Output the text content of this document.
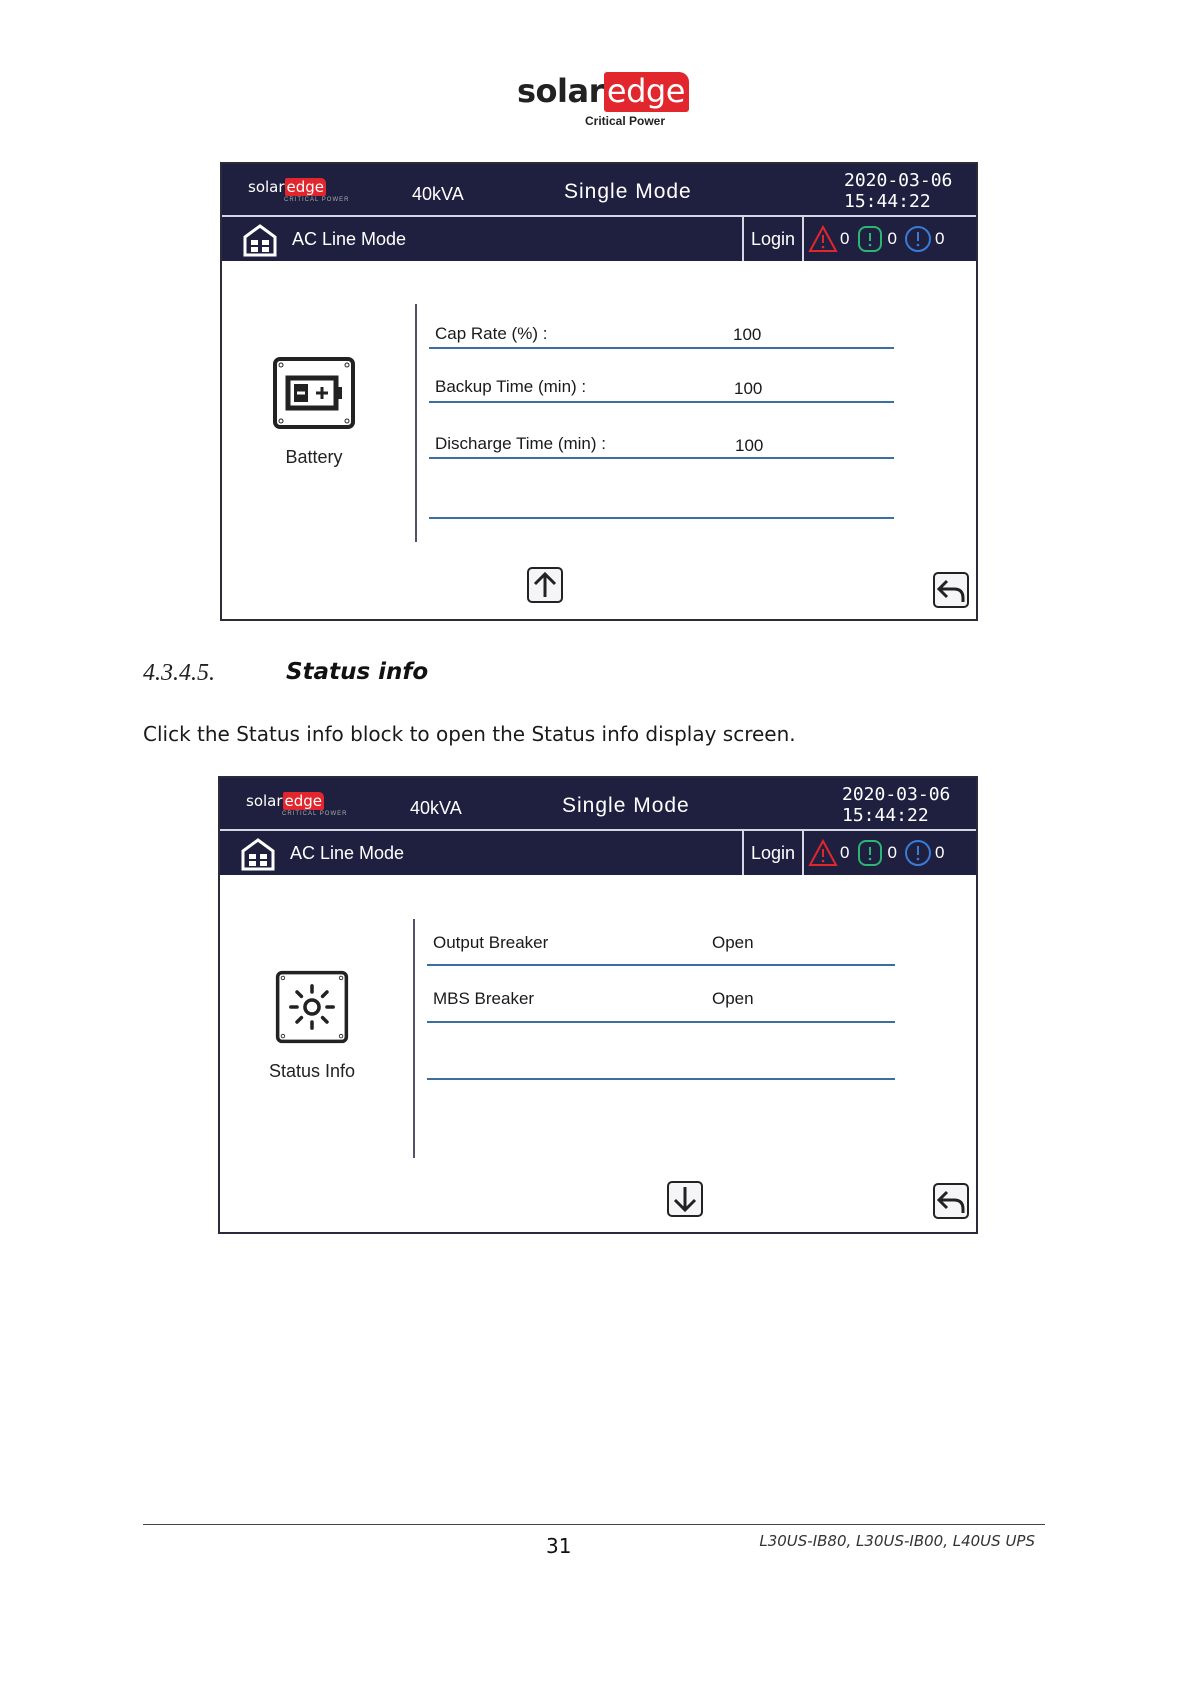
solaredge
Critical Power
solar edge
CRITICAL POWER	40kVA	Single Mode	2020-03-06
15:44:22
AC Line Mode	Login	0 0 0
Battery
Cap Rate (%) :	100
Backup Time (min) :	100
Discharge Time (min) :	100
4.3.4.5.	Status info
Click the Status info block to open the Status info display screen.
solar edge
CRITICAL POWER	40kVA	Single Mode	2020-03-06
15:44:22
AC Line Mode	Login	0 0 0
Status Info
Output Breaker	Open
MBS Breaker	Open
31	L30US-IB80, L30US-IB00, L40US UPS
